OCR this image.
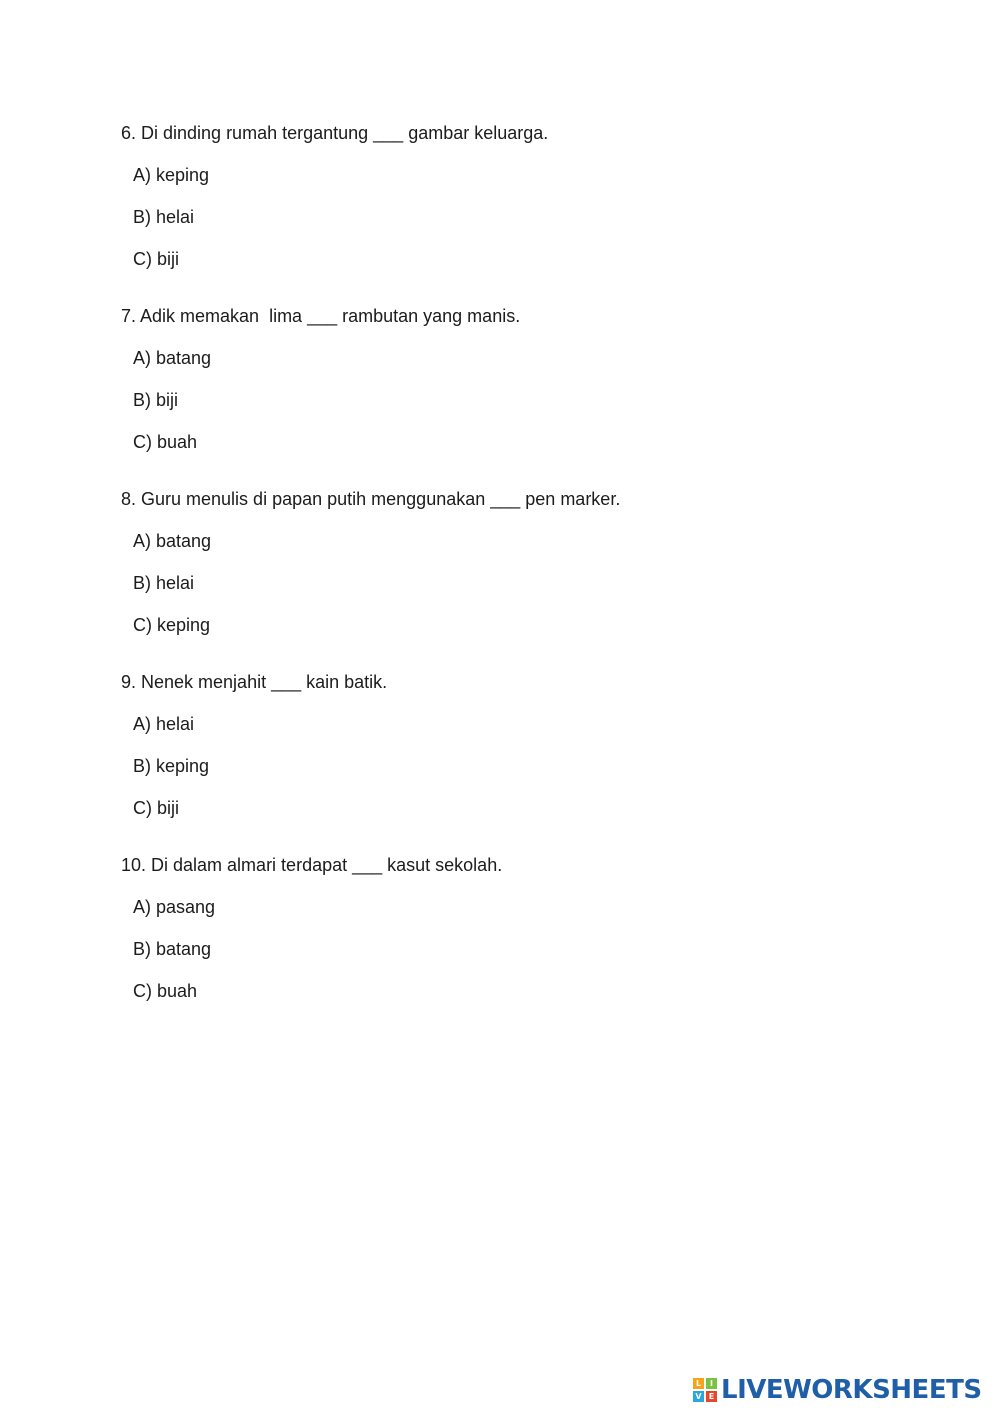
6. Di dinding rumah tergantung ___ gambar keluarga.
A) keping
B) helai
C) biji
7. Adik memakan  lima ___ rambutan yang manis.
A) batang
B) biji
C) buah
8. Guru menulis di papan putih menggunakan ___ pen marker.
A) batang
B) helai
C) keping
9. Nenek menjahit ___ kain batik.
A) helai
B) keping
C) biji
10. Di dalam almari terdapat ___ kasut sekolah.
A) pasang
B) batang
C) buah
L	I
V E LIVEWORKSHEETS
